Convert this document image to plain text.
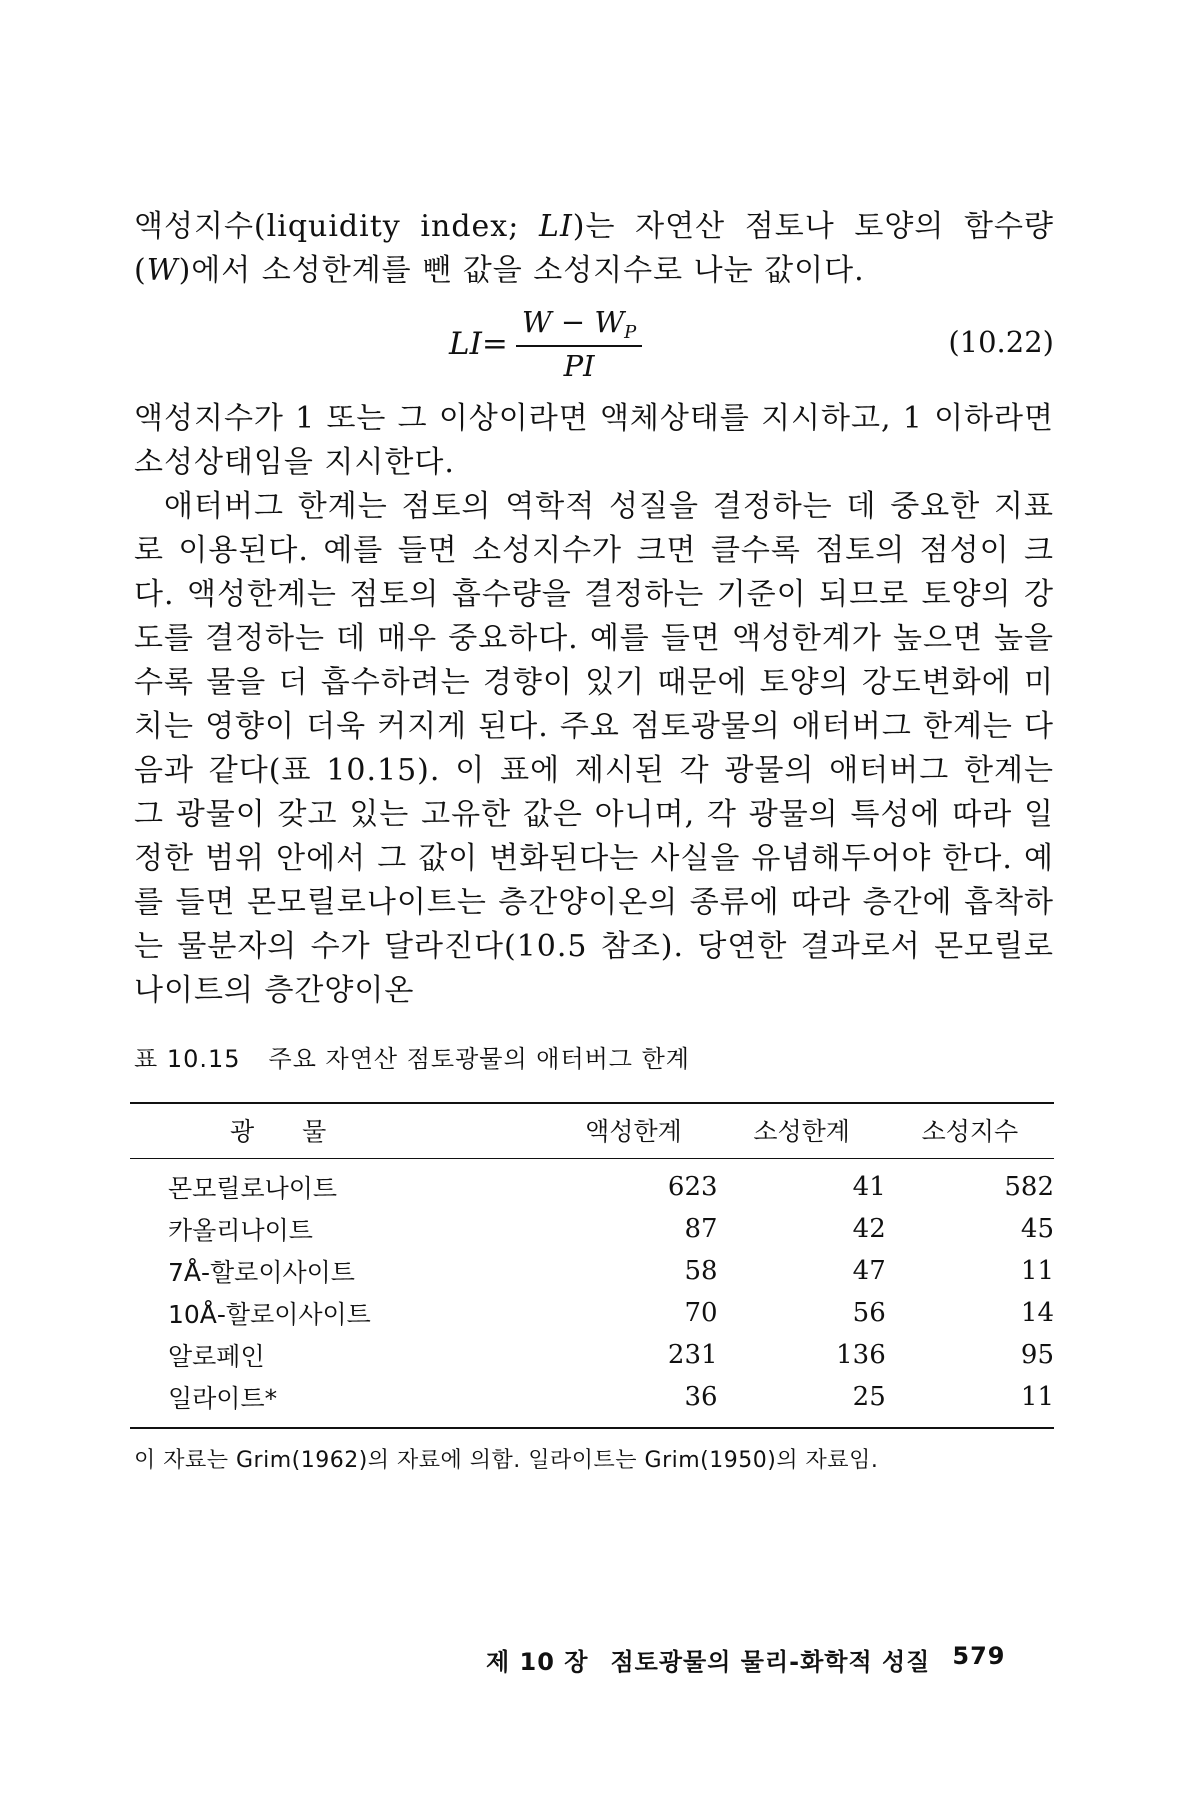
액성지수(liquidity index; LI)는 자연산 점토나 토양의 함수량 (W)에서 소성한계를 뺀 값을 소성지수로 나눈 값이다.

$LI= \frac{W - W_P}{PI}$	(10.22)

액성지수가 1 또는 그 이상이라면 액체상태를 지시하고, 1 이하라면 소성상태임을 지시한다.

애터버그 한계는 점토의 역학적 성질을 결정하는 데 중요한 지표로 이용된다. 예를 들면 소성지수가 크면 클수록 점토의 점성이 크다. 액성한계는 점토의 흡수량을 결정하는 기준이 되므로 토양의 강도를 결정하는 데 매우 중요하다. 예를 들면 액성한계가 높으면 높을수록 물을 더 흡수하려는 경향이 있기 때문에 토양의 강도변화에 미치는 영향이 더욱 커지게 된다. 주요 점토광물의 애터버그 한계는 다음과 같다(표 10.15). 이 표에 제시된 각 광물의 애터버그 한계는 그 광물이 갖고 있는 고유한 값은 아니며, 각 광물의 특성에 따라 일정한 범위 안에서 그 값이 변화된다는 사실을 유념해두어야 한다. 예를 들면 몬모릴로나이트는 층간양이온의 종류에 따라 층간에 흡착하는 물분자의 수가 달라진다(10.5 참조). 당연한 결과로서 몬모릴로나이트의 층간양이온

표 10.15 주요 자연산 점토광물의 애터버그 한계
광 물	액성한계	소성한계	소성지수
몬모릴로나이트	623	41	582
카올리나이트	87	42	45
7Å-할로이사이트	58	47	11
10Å-할로이사이트	70	56	14
알로페인	231	136	95
일라이트*	36	25	11
이 자료는 Grim(1962)의 자료에 의함. 일라이트는 Grim(1950)의 자료임.
제 10 장 점토광물의 물리-화학적 성질 579
